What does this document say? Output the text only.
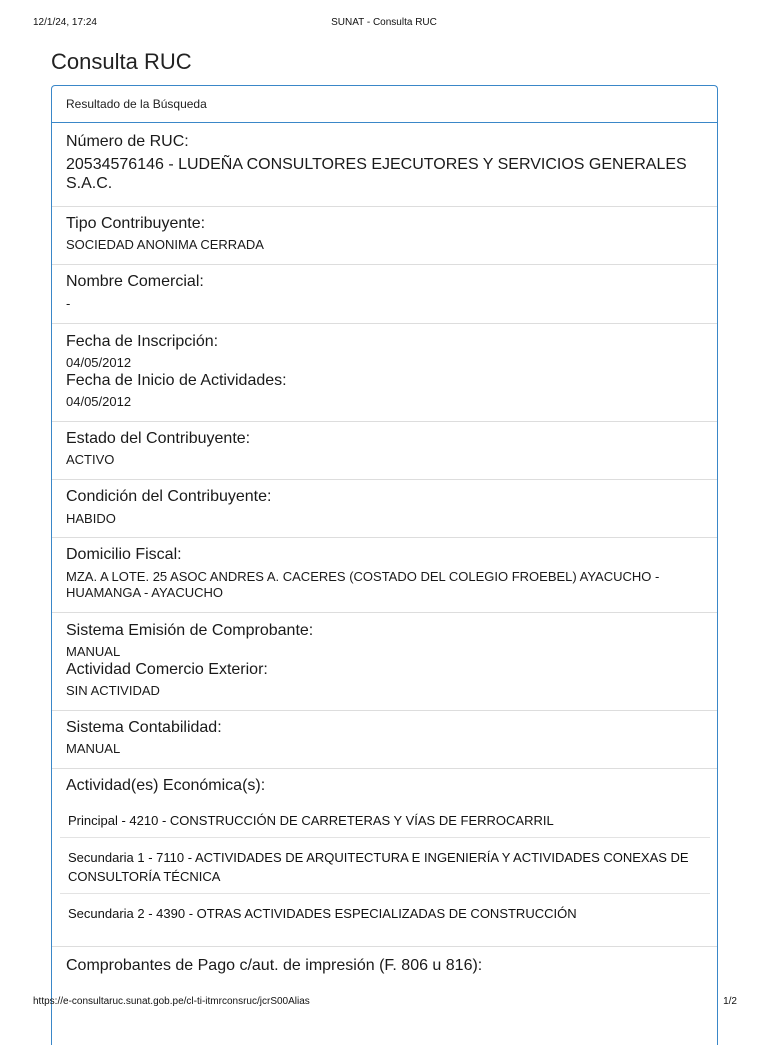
12/1/24, 17:24	SUNAT - Consulta RUC
Consulta RUC
Resultado de la Búsqueda
Número de RUC:
20534576146 - LUDEÑA CONSULTORES EJECUTORES Y SERVICIOS GENERALES S.A.C.
Tipo Contribuyente:
SOCIEDAD ANONIMA CERRADA
Nombre Comercial:
-
Fecha de Inscripción:
04/05/2012
Fecha de Inicio de Actividades:
04/05/2012
Estado del Contribuyente:
ACTIVO
Condición del Contribuyente:
HABIDO
Domicilio Fiscal:
MZA. A LOTE. 25 ASOC ANDRES A. CACERES (COSTADO DEL COLEGIO FROEBEL) AYACUCHO - HUAMANGA - AYACUCHO
Sistema Emisión de Comprobante:
MANUAL
Actividad Comercio Exterior:
SIN ACTIVIDAD
Sistema Contabilidad:
MANUAL
Actividad(es) Económica(s):
Principal - 4210 - CONSTRUCCIÓN DE CARRETERAS Y VÍAS DE FERROCARRIL
Secundaria 1 - 7110 - ACTIVIDADES DE ARQUITECTURA E INGENIERÍA Y ACTIVIDADES CONEXAS DE CONSULTORÍA TÉCNICA
Secundaria 2 - 4390 - OTRAS ACTIVIDADES ESPECIALIZADAS DE CONSTRUCCIÓN
Comprobantes de Pago c/aut. de impresión (F. 806 u 816):
https://e-consultaruc.sunat.gob.pe/cl-ti-itmrconsruc/jcrS00Alias	1/2
